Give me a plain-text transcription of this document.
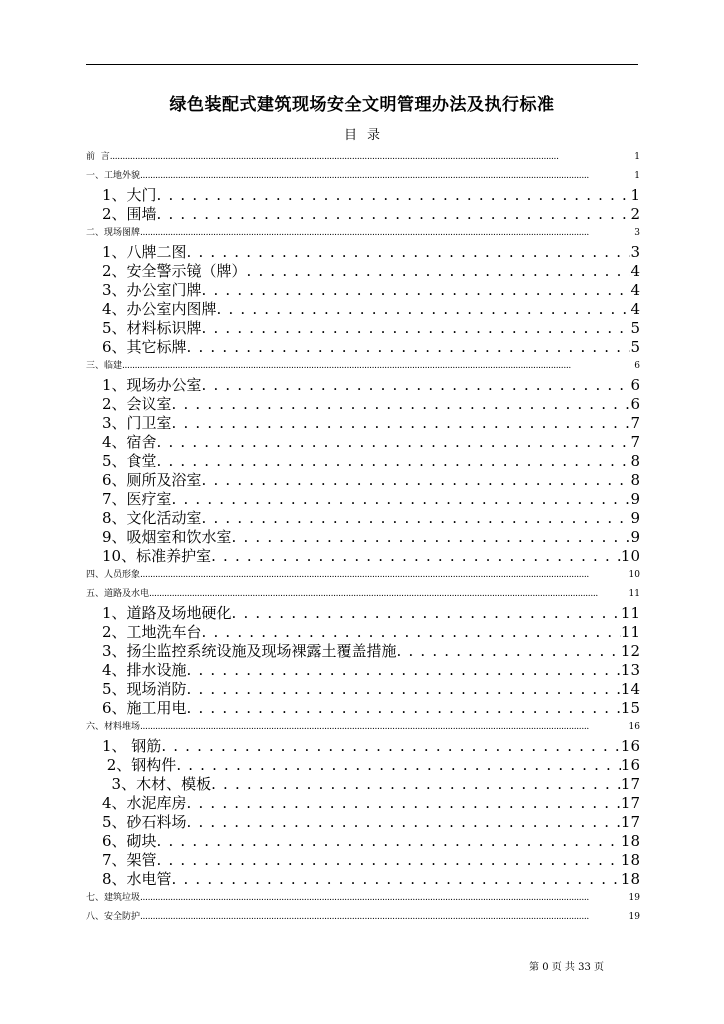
绿色装配式建筑现场安全文明管理办法及执行标准
目录
前  言 . . .	1
一、工地外貌 . . .	1
1、大门 . . .	1
2、围墙 . . .	2
二、现场图牌 . . .	3
1、八牌二图 . . .	3
2、安全警示镜（牌） . . .	4
3、办公室门牌 . . .	4
4、办公室内图牌 . . .	4
5、材料标识牌 . . .	5
6、其它标牌 . . .	5
三、临建 . . .	6
1、现场办公室 . . .	6
2、会议室 . . .	6
3、门卫室 . . .	7
4、宿舍 . . .	7
5、食堂 . . .	8
6、厕所及浴室 . . .	8
7、医疗室 . . .	9
8、文化活动室 . . .	9
9、吸烟室和饮水室 . . .	9
10、标准养护室 . . .	10
四、人员形象 . . .	10
五、道路及水电 . . .	11
1、道路及场地硬化 . . .	11
2、工地洗车台 . . .	11
3、扬尘监控系统设施及现场裸露土覆盖措施 . . .	12
4、排水设施 . . .	13
5、现场消防 . . .	14
6、施工用电 . . .	15
六、材料堆场 . . .	16
1、 钢筋 . . .	16
2、钢构件 . . .	16
3、木材、模板 . . .	17
4、水泥库房 . . .	17
5、砂石料场 . . .	17
6、砌块 . . .	18
7、架管 . . .	18
8、水电管 . . .	18
七、建筑垃圾 . . .	19
八、安全防护 . . .	19
第 0 页 共 33 页
